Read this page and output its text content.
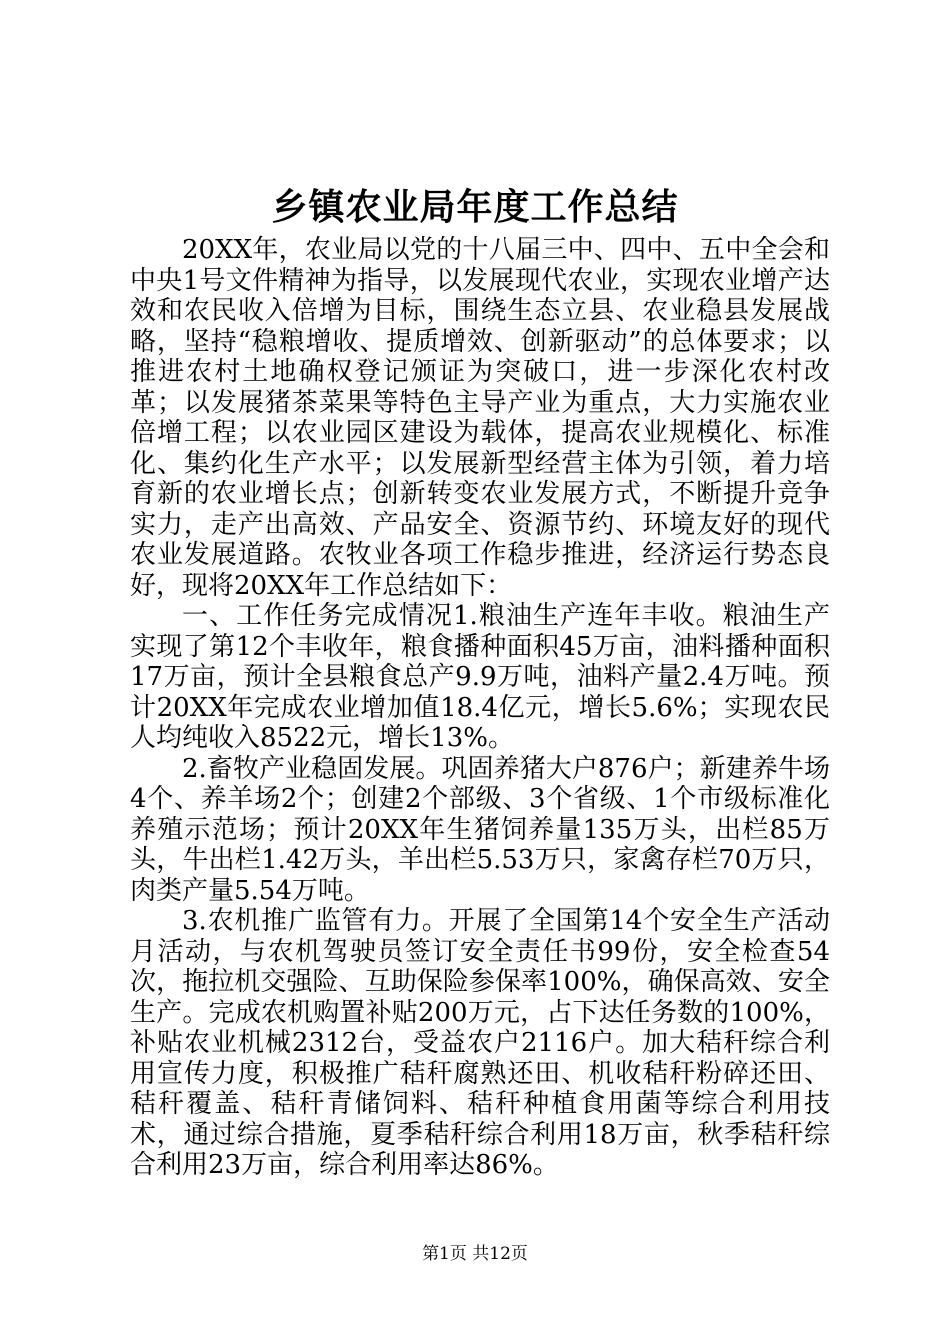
乡镇农业局年度工作总结

20XX年，农业局以党的十八届三中、四中、五中全会和中央1号文件精神为指导，以发展现代农业，实现农业增产达效和农民收入倍增为目标，围绕生态立县、农业稳县发展战略，坚持“稳粮增收、提质增效、创新驱动”的总体要求；以推进农村土地确权登记颁证为突破口，进一步深化农村改革；以发展猪茶菜果等特色主导产业为重点，大力实施农业倍增工程；以农业园区建设为载体，提高农业规模化、标准化、集约化生产水平；以发展新型经营主体为引领，着力培育新的农业增长点；创新转变农业发展方式，不断提升竞争实力，走产出高效、产品安全、资源节约、环境友好的现代农业发展道路。农牧业各项工作稳步推进，经济运行势态良好，现将20XX年工作总结如下：

一、工作任务完成情况1.粮油生产连年丰收。粮油生产实现了第12个丰收年，粮食播种面积45万亩，油料播种面积17万亩，预计全县粮食总产9.9万吨，油料产量2.4万吨。预计20XX年完成农业增加值18.4亿元，增长5.6%；实现农民人均纯收入8522元，增长13%。

2.畜牧产业稳固发展。巩固养猪大户876户；新建养牛场4个、养羊场2个；创建2个部级、3个省级、1个市级标准化养殖示范场；预计20XX年生猪饲养量135万头，出栏85万头，牛出栏1.42万头，羊出栏5.53万只，家禽存栏70万只，肉类产量5.54万吨。

3.农机推广监管有力。开展了全国第14个安全生产活动月活动，与农机驾驶员签订安全责任书99份，安全检查54次，拖拉机交强险、互助保险参保率100%，确保高效、安全生产。完成农机购置补贴200万元，占下达任务数的100%，补贴农业机械2312台，受益农户2116户。加大秸秆综合利用宣传力度，积极推广秸秆腐熟还田、机收秸秆粉碎还田、秸秆覆盖、秸秆青储饲料、秸秆种植食用菌等综合利用技术，通过综合措施，夏季秸秆综合利用18万亩，秋季秸秆综合利用23万亩，综合利用率达86%。

第1页 共12页
